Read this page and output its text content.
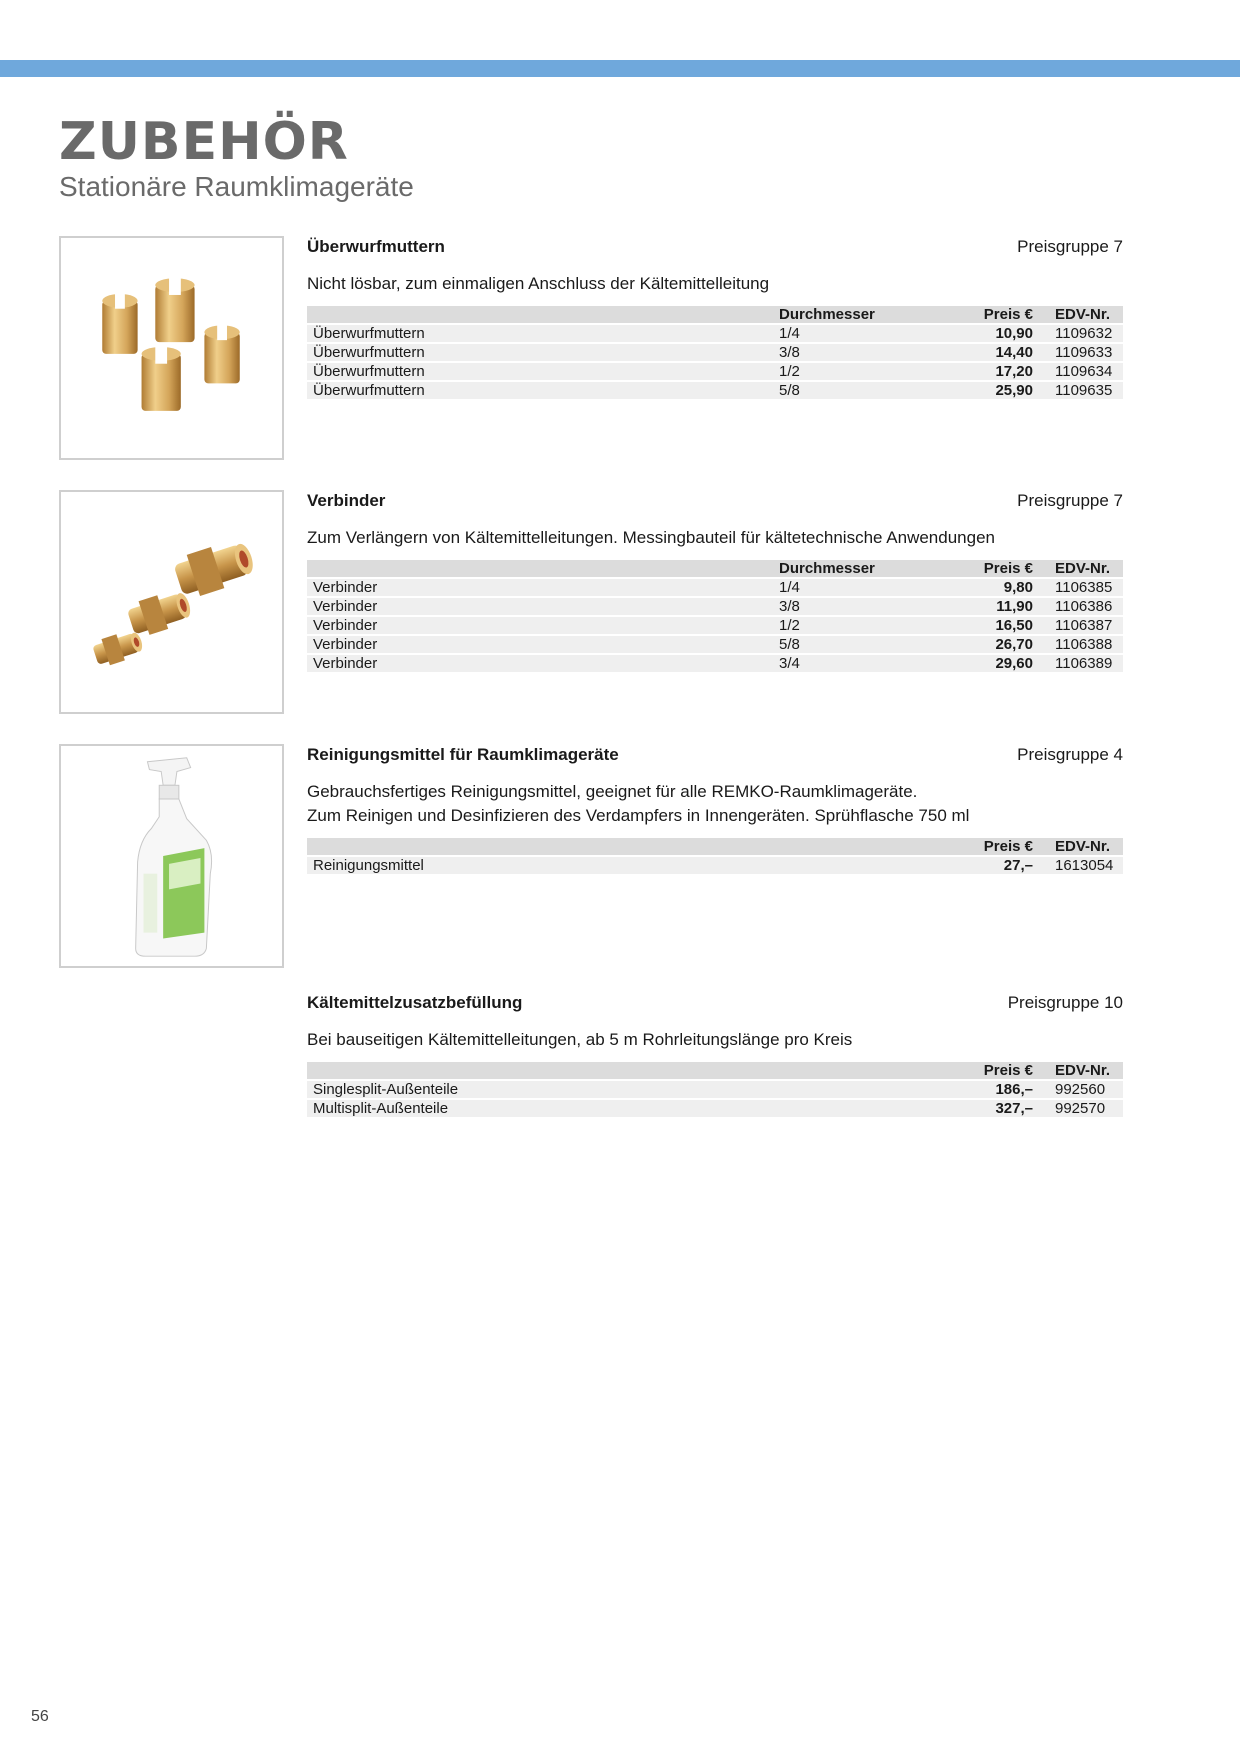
ZUBEHÖR
Stationäre Raumklimageräte
Überwurfmuttern	Preisgruppe 7

Nicht lösbar, zum einmaligen Anschluss der Kältemittelleitung

	Durchmesser	Preis €	EDV-Nr.
Überwurfmuttern	1/4	10,90	1109632
Überwurfmuttern	3/8	14,40	1109633
Überwurfmuttern	1/2	17,20	1109634
Überwurfmuttern	5/8	25,90	1109635
Verbinder	Preisgruppe 7

Zum Verlängern von Kältemittelleitungen. Messingbauteil für kältetechnische Anwendungen

	Durchmesser	Preis €	EDV-Nr.
Verbinder	1/4	9,80	1106385
Verbinder	3/8	11,90	1106386
Verbinder	1/2	16,50	1106387
Verbinder	5/8	26,70	1106388
Verbinder	3/4	29,60	1106389
Reinigungsmittel für Raumklimageräte	Preisgruppe 4

Gebrauchsfertiges Reinigungsmittel, geeignet für alle REMKO-Raumklimageräte.
Zum Reinigen und Desinfizieren des Verdampfers in Innengeräten. Sprühflasche 750 ml

		Preis €	EDV-Nr.
Reinigungsmittel		27,–	1613054
Kältemittelzusatzbefüllung	Preisgruppe 10

Bei bauseitigen Kältemittelleitungen, ab 5 m Rohrleitungslänge pro Kreis

		Preis €	EDV-Nr.
Singlesplit-Außenteile		186,–	992560
Multisplit-Außenteile		327,–	992570
56
